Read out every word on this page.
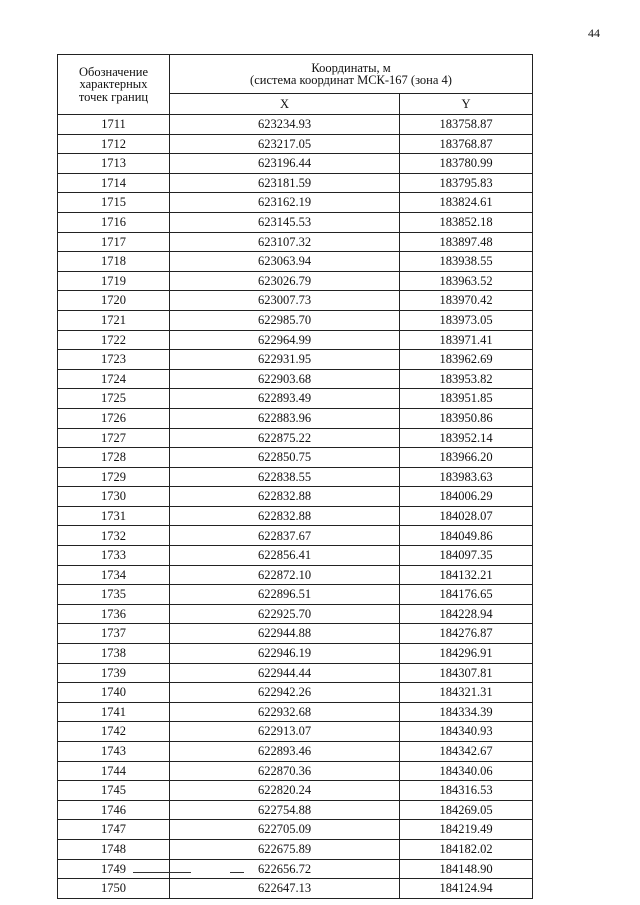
44
Обозначение
характерных
точек границ	Координаты, м
(система координат МСК-167 (зона 4)	

	X	Y
1711	623234.93	183758.87
1712	623217.05	183768.87
1713	623196.44	183780.99
1714	623181.59	183795.83
1715	623162.19	183824.61
1716	623145.53	183852.18
1717	623107.32	183897.48
1718	623063.94	183938.55
1719	623026.79	183963.52
1720	623007.73	183970.42
1721	622985.70	183973.05
1722	622964.99	183971.41
1723	622931.95	183962.69
1724	622903.68	183953.82
1725	622893.49	183951.85
1726	622883.96	183950.86
1727	622875.22	183952.14
1728	622850.75	183966.20
1729	622838.55	183983.63
1730	622832.88	184006.29
1731	622832.88	184028.07
1732	622837.67	184049.86
1733	622856.41	184097.35
1734	622872.10	184132.21
1735	622896.51	184176.65
1736	622925.70	184228.94
1737	622944.88	184276.87
1738	622946.19	184296.91
1739	622944.44	184307.81
1740	622942.26	184321.31
1741	622932.68	184334.39
1742	622913.07	184340.93
1743	622893.46	184342.67
1744	622870.36	184340.06
1745	622820.24	184316.53
1746	622754.88	184269.05
1747	622705.09	184219.49
1748	622675.89	184182.02
1749	622656.72	184148.90
1750	622647.13	184124.94
